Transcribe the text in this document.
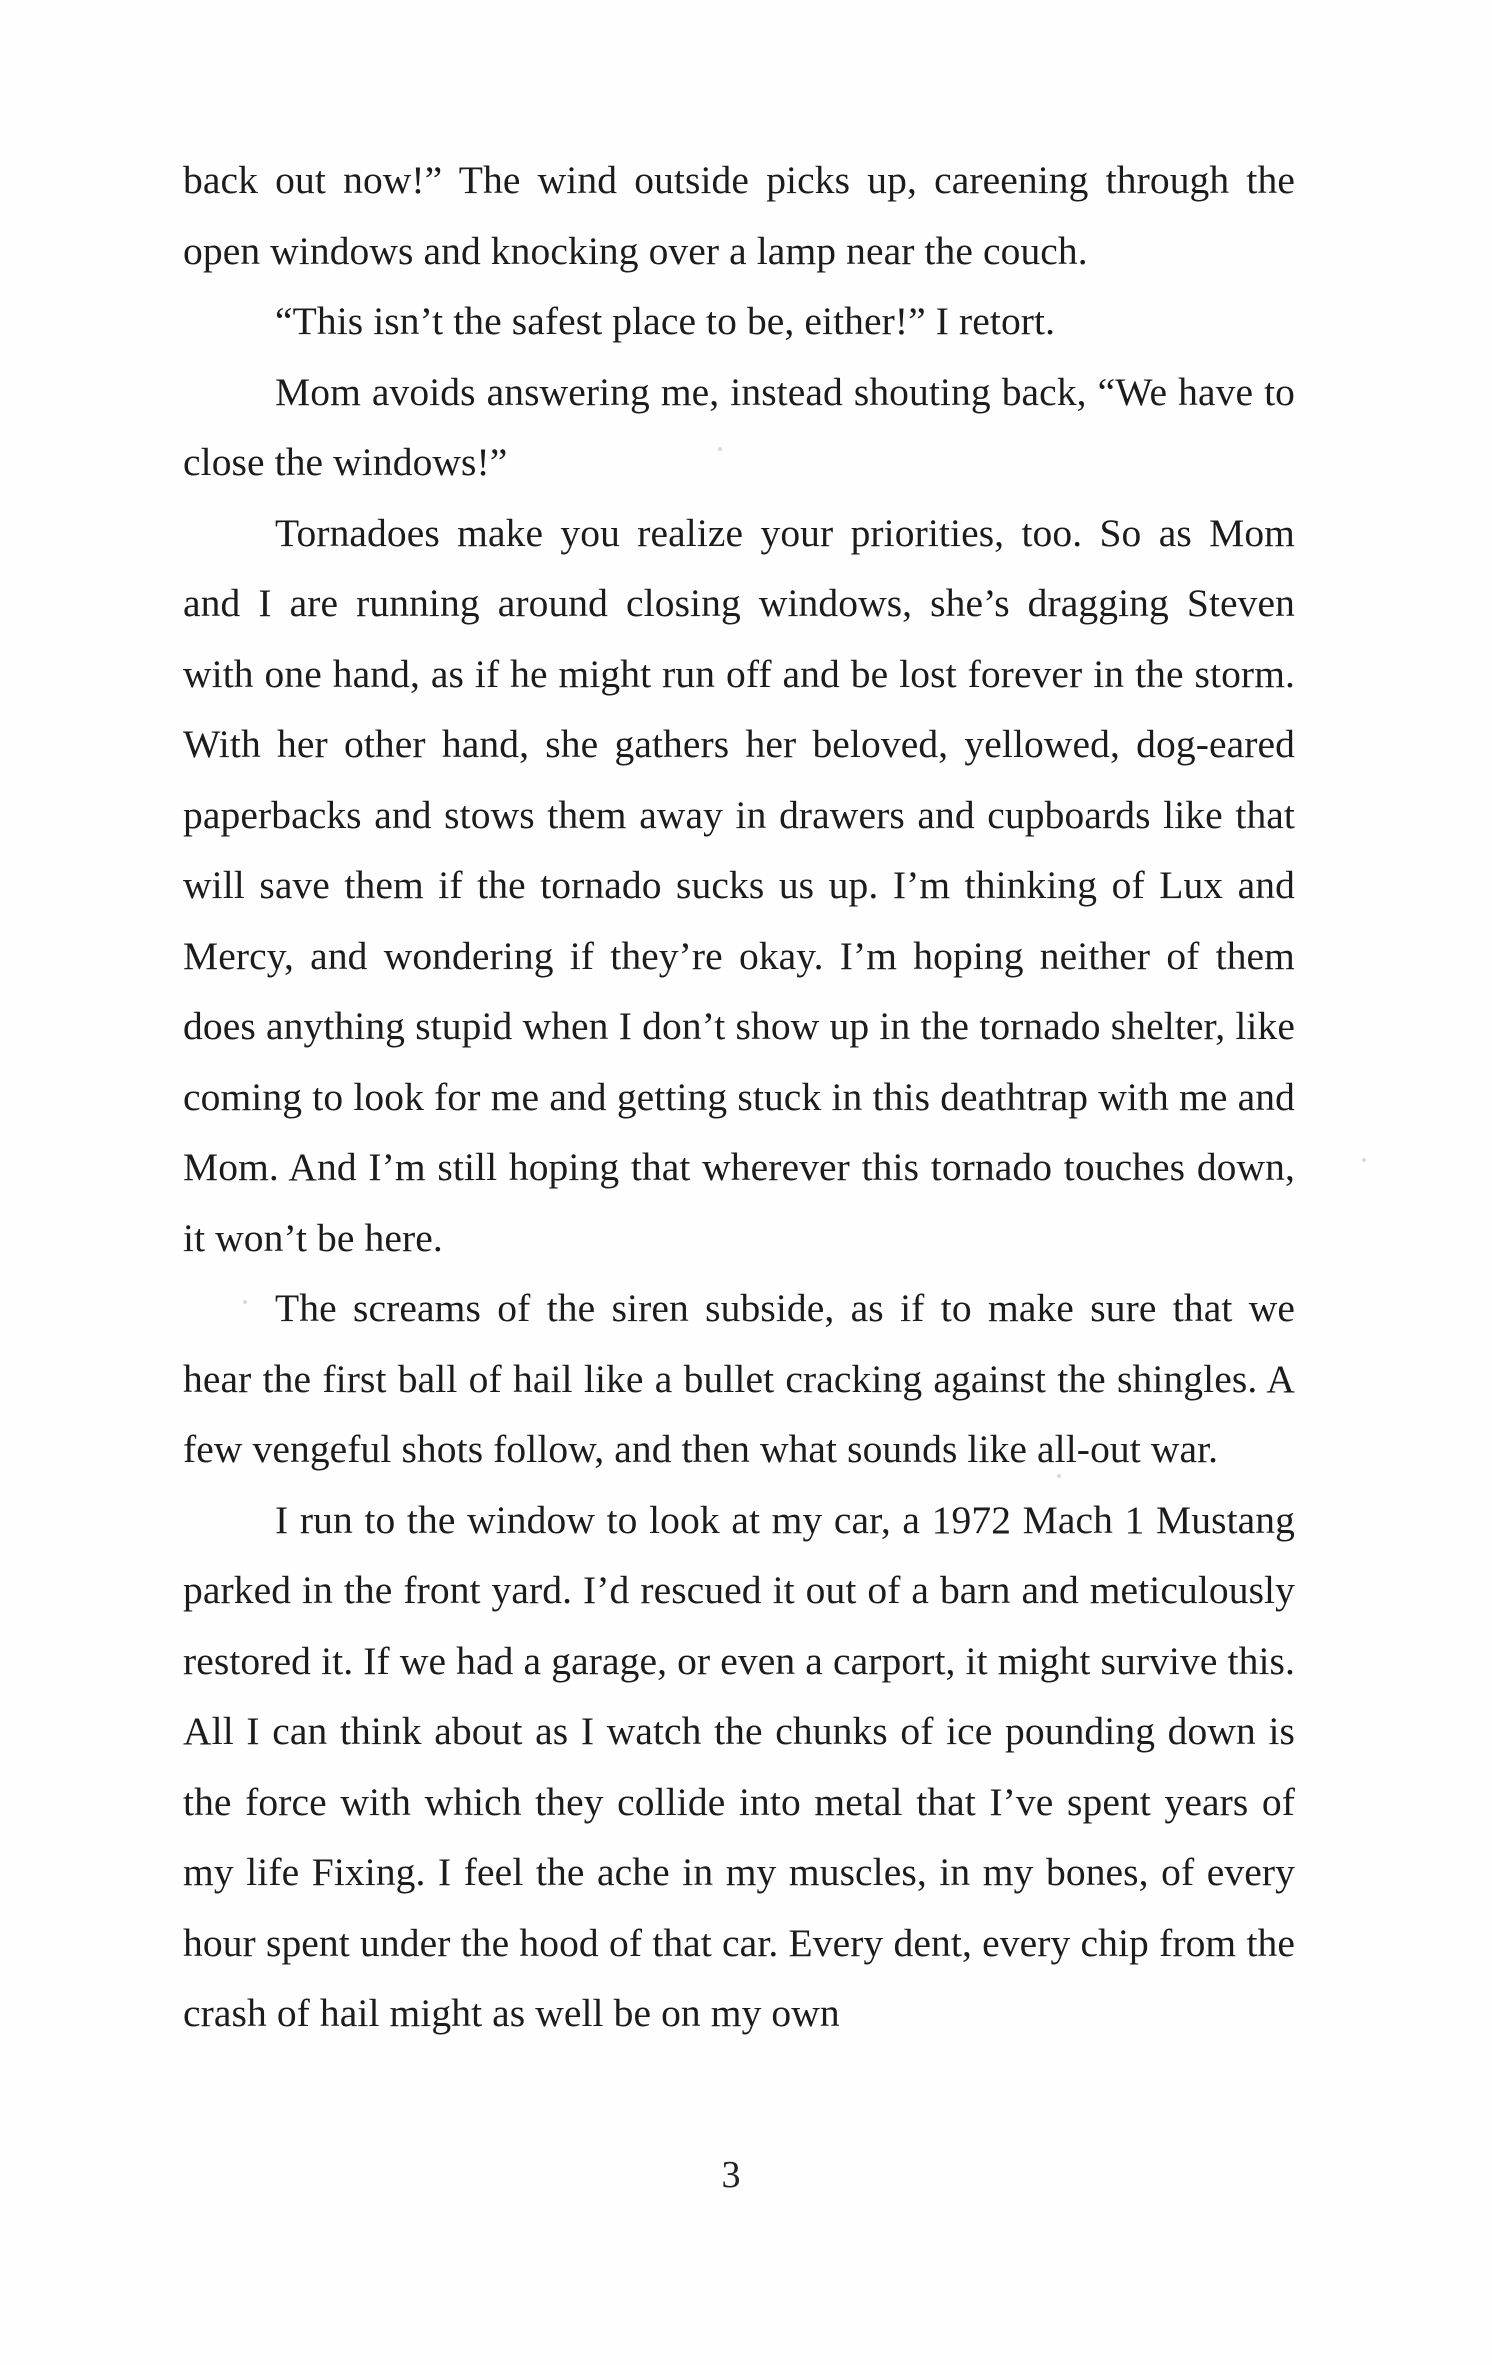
back out now!” The wind outside picks up, careening through the open windows and knocking over a lamp near the couch.

“This isn’t the safest place to be, either!” I retort.

Mom avoids answering me, instead shouting back, “We have to close the windows!”

Tornadoes make you realize your priorities, too. So as Mom and I are running around closing windows, she’s dragging Steven with one hand, as if he might run off and be lost forever in the storm. With her other hand, she gathers her beloved, yellowed, dog-eared paperbacks and stows them away in drawers and cupboards like that will save them if the tornado sucks us up. I’m thinking of Lux and Mercy, and wondering if they’re okay. I’m hoping neither of them does anything stupid when I don’t show up in the tornado shelter, like coming to look for me and getting stuck in this deathtrap with me and Mom. And I’m still hoping that wherever this tornado touches down, it won’t be here.

The screams of the siren subside, as if to make sure that we hear the first ball of hail like a bullet cracking against the shingles. A few vengeful shots follow, and then what sounds like all-out war.

I run to the window to look at my car, a 1972 Mach 1 Mustang parked in the front yard. I’d rescued it out of a barn and meticulously restored it. If we had a garage, or even a carport, it might survive this. All I can think about as I watch the chunks of ice pounding down is the force with which they collide into metal that I’ve spent years of my life Fixing. I feel the ache in my muscles, in my bones, of every hour spent under the hood of that car. Every dent, every chip from the crash of hail might as well be on my own

3
